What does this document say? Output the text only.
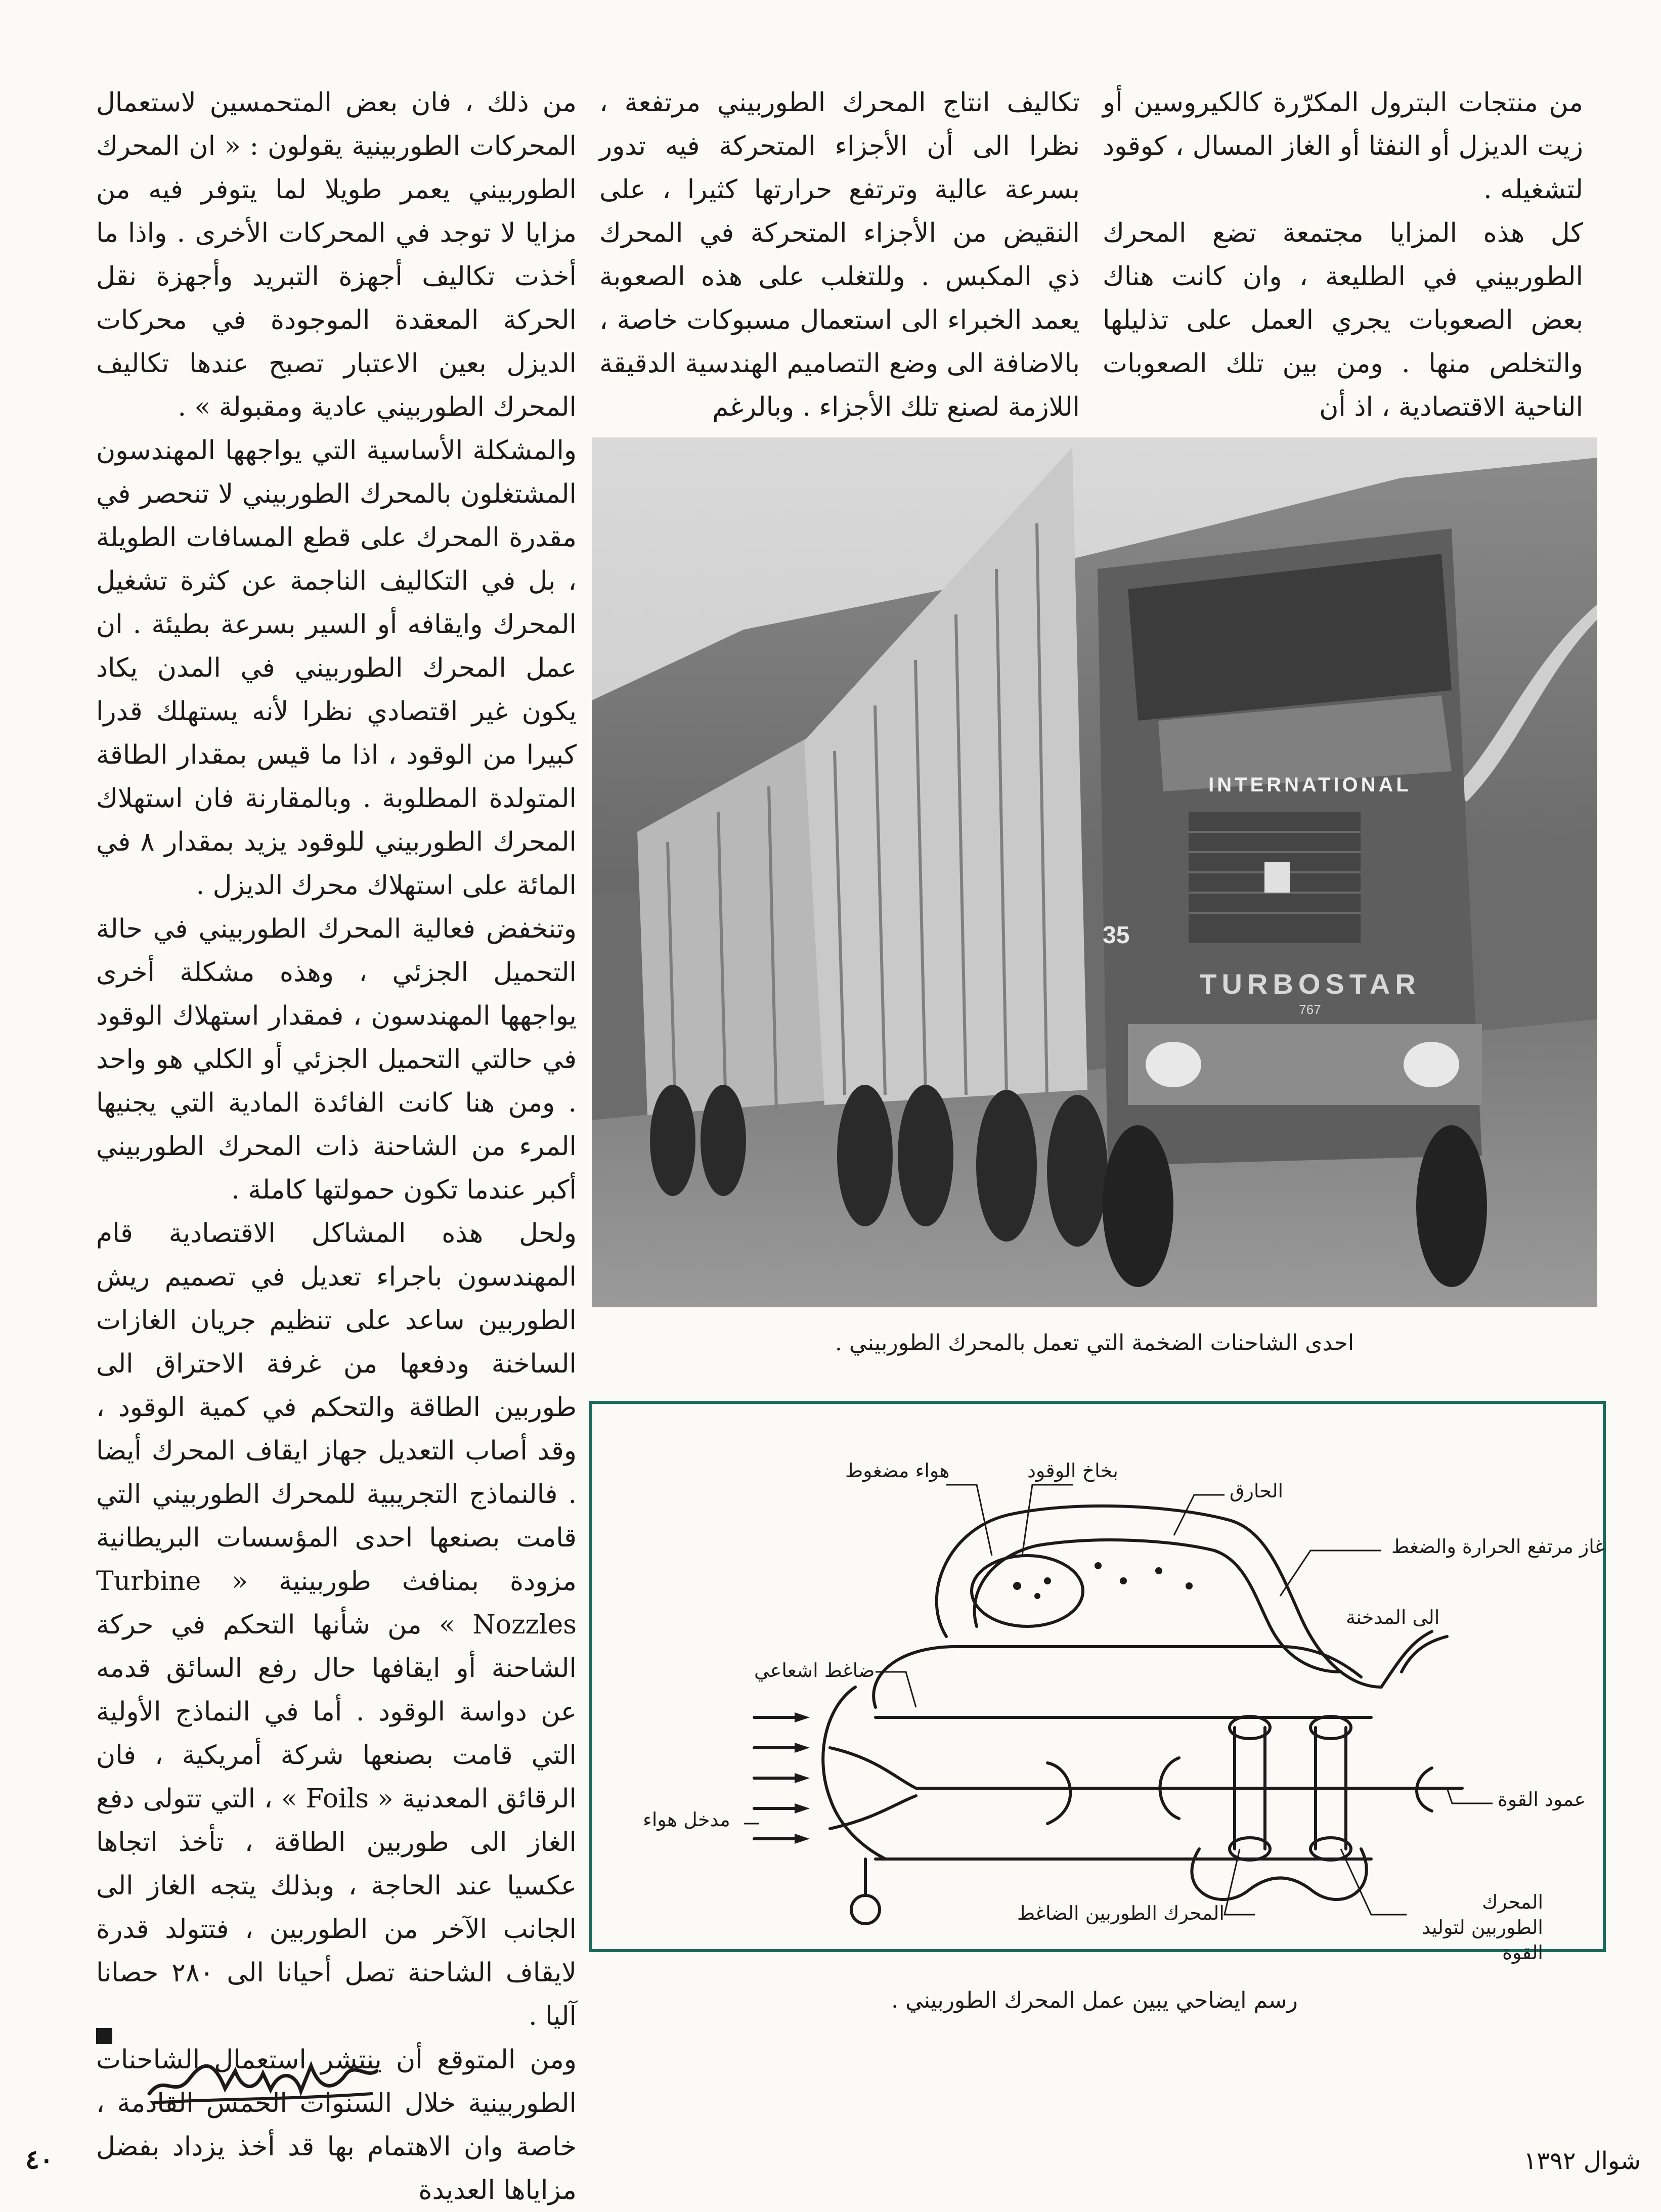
من منتجات البترول المكرّرة كالكيروسين أو زيت الديزل أو النفثا أو الغاز المسال ، كوقود لتشغيله .

كل هذه المزايا مجتمعة تضع المحرك الطوربيني في الطليعة ، وان كانت هناك بعض الصعوبات يجري العمل على تذليلها والتخلص منها . ومن بين تلك الصعوبات الناحية الاقتصادية ، اذ أن

تكاليف انتاج المحرك الطوربيني مرتفعة ، نظرا الى أن الأجزاء المتحركة فيه تدور بسرعة عالية وترتفع حرارتها كثيرا ، على النقيض من الأجزاء المتحركة في المحرك ذي المكبس . وللتغلب على هذه الصعوبة يعمد الخبراء الى استعمال مسبوكات خاصة ، بالاضافة الى وضع التصاميم الهندسية الدقيقة اللازمة لصنع تلك الأجزاء . وبالرغم

من ذلك ، فان بعض المتحمسين لاستعمال المحركات الطوربينية يقولون : « ان المحرك الطوربيني يعمر طويلا لما يتوفر فيه من مزايا لا توجد في المحركات الأخرى . واذا ما أخذت تكاليف أجهزة التبريد وأجهزة نقل الحركة المعقدة الموجودة في محركات الديزل بعين الاعتبار تصبح عندها تكاليف المحرك الطوربيني عادية ومقبولة » .

والمشكلة الأساسية التي يواجهها المهندسون المشتغلون بالمحرك الطوربيني لا تنحصر في مقدرة المحرك على قطع المسافات الطويلة ، بل في التكاليف الناجمة عن كثرة تشغيل المحرك وايقافه أو السير بسرعة بطيئة . ان عمل المحرك الطوربيني في المدن يكاد يكون غير اقتصادي نظرا لأنه يستهلك قدرا كبيرا من الوقود ، اذا ما قيس بمقدار الطاقة المتولدة المطلوبة . وبالمقارنة فان استهلاك المحرك الطوربيني للوقود يزيد بمقدار ٨ في المائة على استهلاك محرك الديزل .

وتنخفض فعالية المحرك الطوربيني في حالة التحميل الجزئي ، وهذه مشكلة أخرى يواجهها المهندسون ، فمقدار استهلاك الوقود في حالتي التحميل الجزئي أو الكلي هو واحد . ومن هنا كانت الفائدة المادية التي يجنيها المرء من الشاحنة ذات المحرك الطوربيني أكبر عندما تكون حمولتها كاملة .

ولحل هذه المشاكل الاقتصادية قام المهندسون باجراء تعديل في تصميم ريش الطوربين ساعد على تنظيم جريان الغازات الساخنة ودفعها من غرفة الاحتراق الى طوربين الطاقة والتحكم في كمية الوقود ، وقد أصاب التعديل جهاز ايقاف المحرك أيضا . فالنماذج التجريبية للمحرك الطوربيني التي قامت بصنعها احدى المؤسسات البريطانية مزودة بمنافث طوربينية « Turbine Nozzles » من شأنها التحكم في حركة الشاحنة أو ايقافها حال رفع السائق قدمه عن دواسة الوقود . أما في النماذج الأولية التي قامت بصنعها شركة أمريكية ، فان الرقائق المعدنية « Foils » ، التي تتولى دفع الغاز الى طوربين الطاقة ، تأخذ اتجاها عكسيا عند الحاجة ، وبذلك يتجه الغاز الى الجانب الآخر من الطوربين ، فتتولد قدرة لايقاف الشاحنة تصل أحيانا الى ٢٨٠ حصانا آليا .

ومن المتوقع أن ينتشر استعمال الشاحنات الطوربينية خلال السنوات الخمس القادمة ، خاصة وان الاهتمام بها قد أخذ يزداد بفضل مزاياها العديدة

INTERNATIONAL
TURBOSTAR
767
35
احدى الشاحنات الضخمة التي تعمل بالمحرك الطوربيني .
بخاخ الوقود
هواء مضغوط
الحارق
غاز مرتفع الحرارة والضغط
الى المدخنة
ضاغط اشعاعي
عمود القوة
مدخل هواء
المحرك الطوربين الضاغط	المحرك الطوربين لتوليد القوة
رسم ايضاحي يبين عمل المحرك الطوربيني .
شوال ١٣٩٢
٤٠
